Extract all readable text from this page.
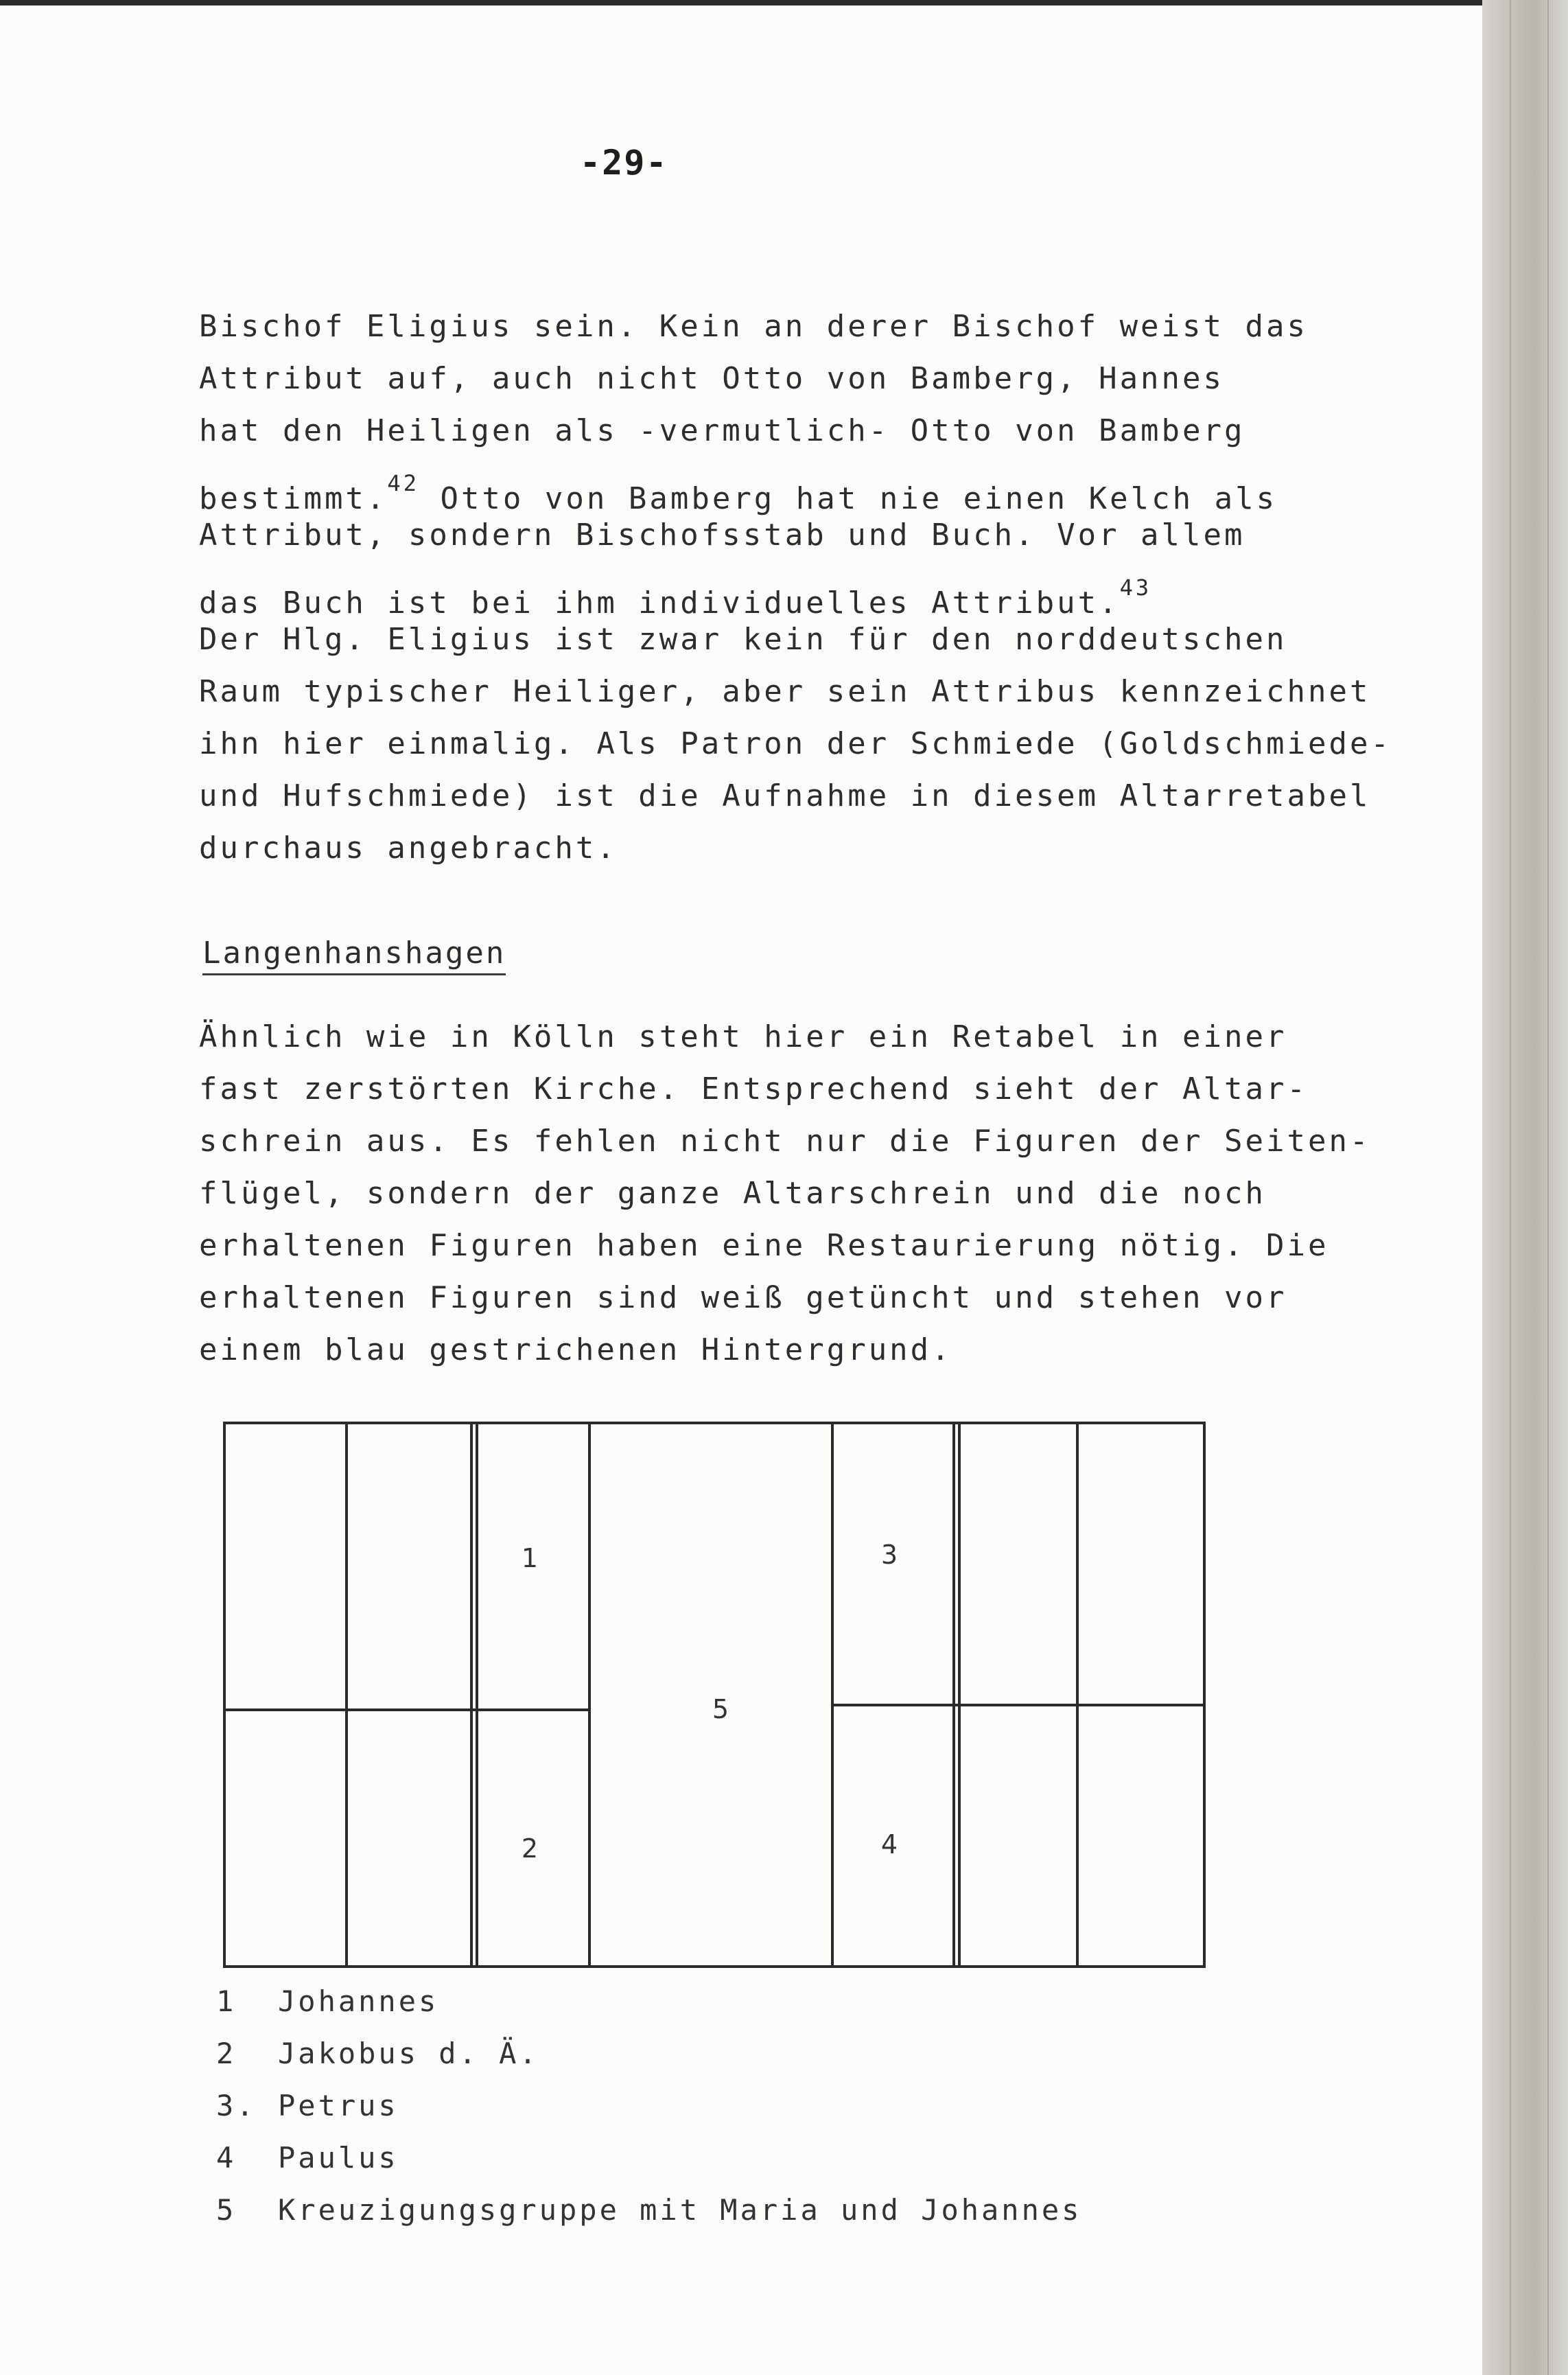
-29-
Bischof Eligius sein. Kein an derer Bischof weist das
Attribut auf, auch nicht Otto von Bamberg, Hannes
hat den Heiligen als -vermutlich- Otto von Bamberg
bestimmt.$^{42}$ Otto von Bamberg hat nie einen Kelch als
Attribut, sondern Bischofsstab und Buch. Vor allem
das Buch ist bei ihm individuelles Attribut.$^{43}$
Der Hlg. Eligius ist zwar kein für den norddeutschen
Raum typischer Heiliger, aber sein Attribus kennzeichnet
ihn hier einmalig. Als Patron der Schmiede (Goldschmiede-
und Hufschmiede) ist die Aufnahme in diesem Altarretabel
durchaus angebracht.
Langenhanshagen
Ähnlich wie in Kölln steht hier ein Retabel in einer
fast zerstörten Kirche. Entsprechend sieht der Altar-
schrein aus. Es fehlen nicht nur die Figuren der Seiten-
flügel, sondern der ganze Altarschrein und die noch
erhaltenen Figuren haben eine Restaurierung nötig. Die
erhaltenen Figuren sind weiß getüncht und stehen vor
einem blau gestrichenen Hintergrund.
1
2
3
4
5
1 Johannes
2 Jakobus d. Ä.
3. Petrus
4 Paulus
5 Kreuzigungsgruppe mit Maria und Johannes
